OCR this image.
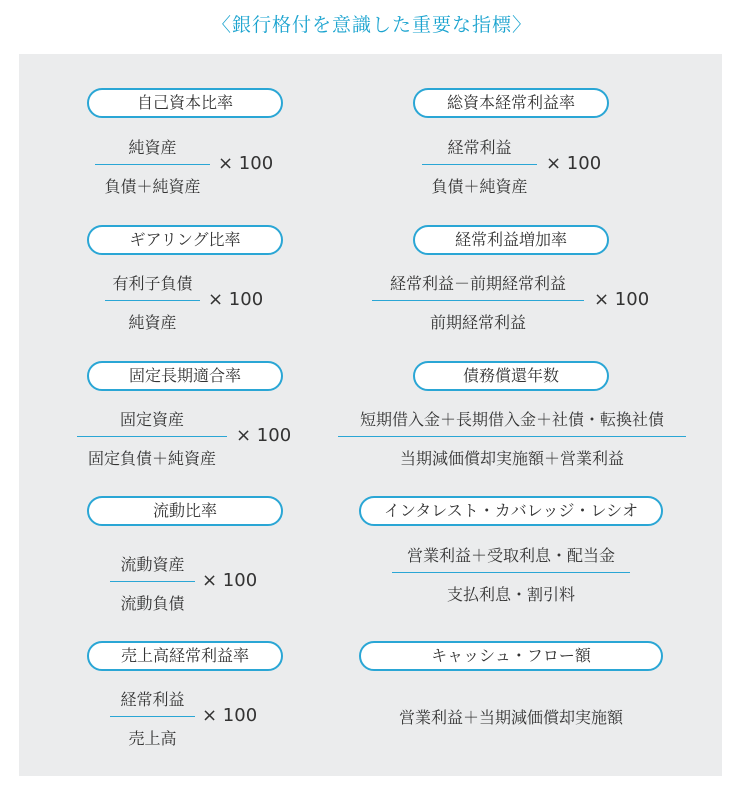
〈銀行格付を意識した重要な指標〉
自己資本比率
純資産
負債＋純資産
× 100
ギアリング比率
有利子負債
純資産
× 100
固定長期適合率
固定資産
固定負債＋純資産
× 100
流動比率
流動資産
流動負債
× 100
売上高経常利益率
経常利益
売上高
× 100
総資本経常利益率
経常利益
負債＋純資産
× 100
経常利益増加率
経常利益－前期経常利益
前期経常利益
× 100
債務償還年数
短期借入金＋長期借入金＋社債・転換社債
当期減価償却実施額＋営業利益
インタレスト・カバレッジ・レシオ
営業利益＋受取利息・配当金
支払利息・割引料
キャッシュ・フロー額
営業利益＋当期減価償却実施額
